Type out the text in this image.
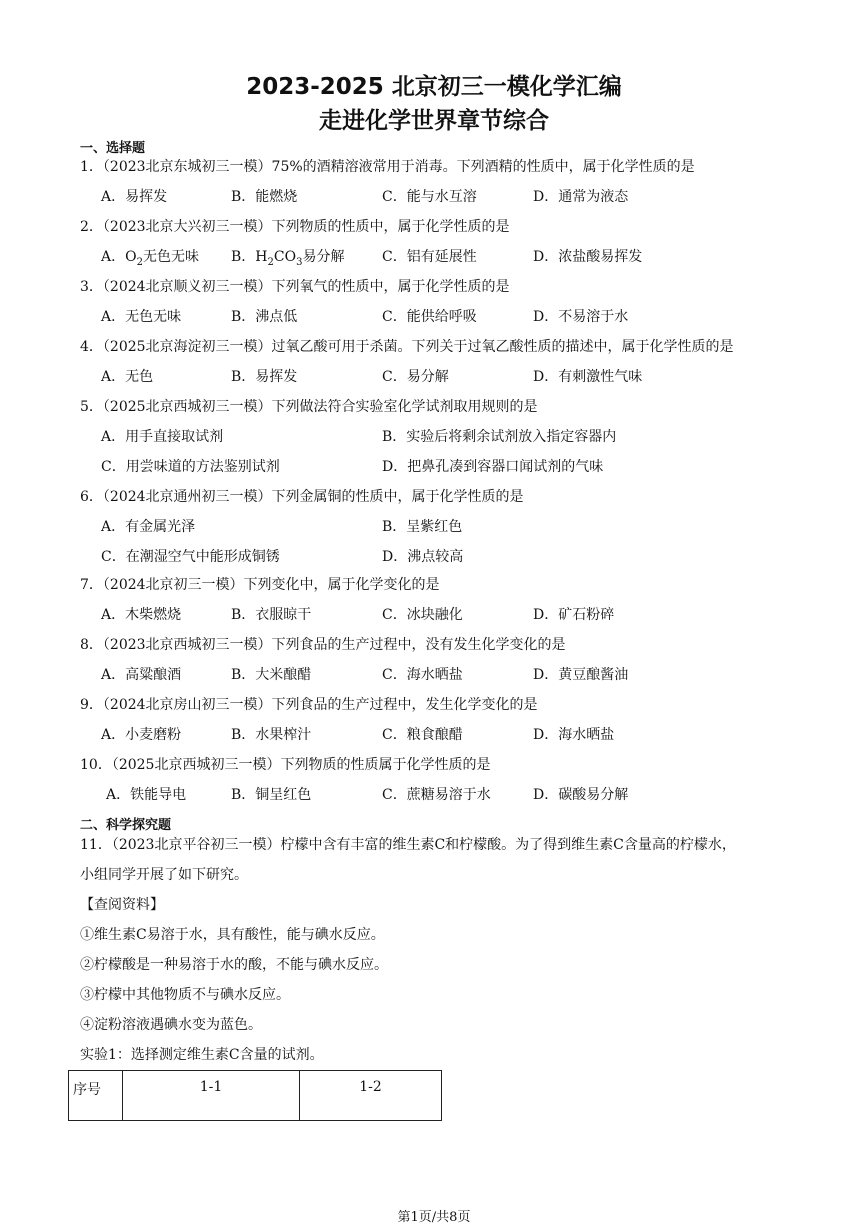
2023-2025 北京初三一模化学汇编
走进化学世界章节综合
一、选择题
1．（2023北京东城初三一模）75%的酒精溶液常用于消毒。下列酒精的性质中，属于化学性质的是
A．易挥发	B．能燃烧	C．能与水互溶	D．通常为液态
2．（2023北京大兴初三一模）下列物质的性质中，属于化学性质的是
A．$O_2$无色无味 B．$H_2CO_3$易分解	C．铝有延展性	D．浓盐酸易挥发
3．（2024北京顺义初三一模）下列氧气的性质中，属于化学性质的是
A．无色无味	B．沸点低	C．能供给呼吸	D．不易溶于水
4．（2025北京海淀初三一模）过氧乙酸可用于杀菌。下列关于过氧乙酸性质的描述中，属于化学性质的是
A．无色	B．易挥发	C．易分解	D．有刺激性气味
5．（2025北京西城初三一模）下列做法符合实验室化学试剂取用规则的是
A．用手直接取试剂	B．实验后将剩余试剂放入指定容器内
C．用尝味道的方法鉴别试剂	D．把鼻孔凑到容器口闻试剂的气味
6．（2024北京通州初三一模）下列金属铜的性质中，属于化学性质的是
A．有金属光泽	B．呈紫红色
C．在潮湿空气中能形成铜锈	D．沸点较高
7．（2024北京初三一模）下列变化中，属于化学变化的是
A．木柴燃烧	B．衣服晾干	C．冰块融化	D．矿石粉碎
8．（2023北京西城初三一模）下列食品的生产过程中，没有发生化学变化的是
A．高粱酿酒	B．大米酿醋	C．海水晒盐	D．黄豆酿酱油
9．（2024北京房山初三一模）下列食品的生产过程中，发生化学变化的是
A．小麦磨粉	B．水果榨汁	C．粮食酿醋	D．海水晒盐
10．（2025北京西城初三一模）下列物质的性质属于化学性质的是
A．铁能导电	B．铜呈红色	C．蔗糖易溶于水	D．碳酸易分解
二、科学探究题
11．（2023北京平谷初三一模）柠檬中含有丰富的维生素C和柠檬酸。为了得到维生素C含量高的柠檬水，
小组同学开展了如下研究。
【查阅资料】
①维生素C易溶于水，具有酸性，能与碘水反应。
②柠檬酸是一种易溶于水的酸，不能与碘水反应。
③柠檬中其他物质不与碘水反应。
④淀粉溶液遇碘水变为蓝色。
实验1：选择测定维生素C含量的试剂。
序号	1-1	1-2
第1页/共8页
